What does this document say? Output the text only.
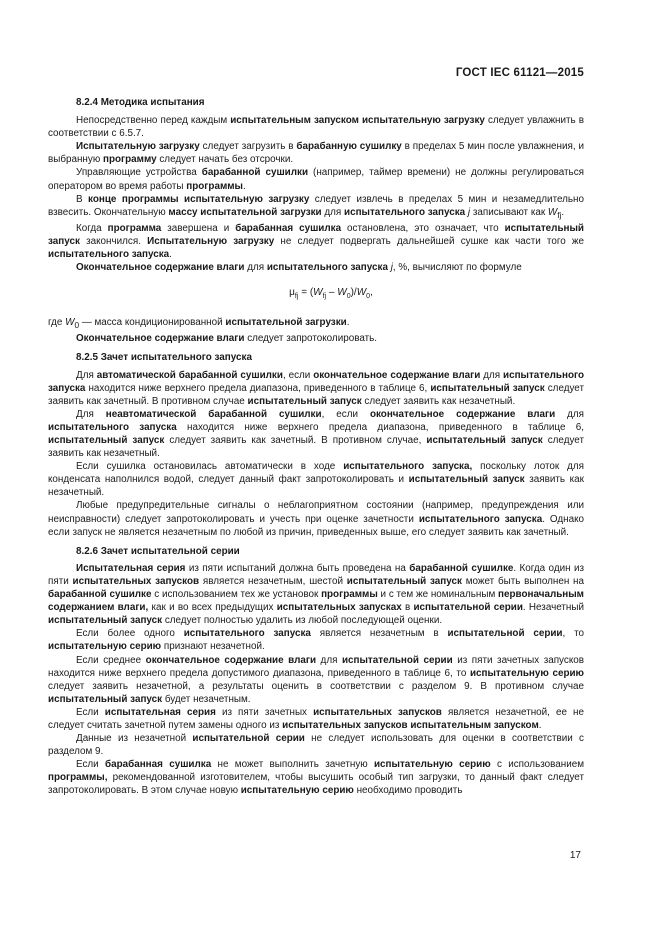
ГОСТ IEC 61121—2015

8.2.4 Методика испытания

Непосредственно перед каждым испытательным запуском испытательную загрузку следует увлажнить в соответствии с 6.5.7.

Испытательную загрузку следует загрузить в барабанную сушилку в пределах 5 мин после увлажнения, и выбранную программу следует начать без отсрочки.

Управляющие устройства барабанной сушилки (например, таймер времени) не должны регулироваться оператором во время работы программы.

В конце программы испытательную загрузку следует извлечь в пределах 5 мин и незамедлительно взвесить. Окончательную массу испытательной загрузки для испытательного запуска j записывают как $W_{fj}$.

Когда программа завершена и барабанная сушилка остановлена, это означает, что испытательный запуск закончился. Испытательную загрузку не следует подвергать дальнейшей сушке как части того же испытательного запуска.

Окончательное содержание влаги для испытательного запуска j, %, вычисляют по формуле

$\mu_{fj} = (W_{fj} - W_0)/W_0$,

где $W_0$ — масса кондиционированной испытательной загрузки.

Окончательное содержание влаги следует запротоколировать.

8.2.5 Зачет испытательного запуска

Для автоматической барабанной сушилки, если окончательное содержание влаги для испытательного запуска находится ниже верхнего предела диапазона, приведенного в таблице 6, испытательный запуск следует заявить как зачетный. В противном случае испытательный запуск следует заявить как незачетный.

Для неавтоматической барабанной сушилки, если окончательное содержание влаги для испытательного запуска находится ниже верхнего предела диапазона, приведенного в таблице 6, испытательный запуск следует заявить как зачетный. В противном случае, испытательный запуск следует заявить как незачетный.

Если сушилка остановилась автоматически в ходе испытательного запуска, поскольку лоток для конденсата наполнился водой, следует данный факт запротоколировать и испытательный запуск заявить как незачетный.

Любые предупредительные сигналы о неблагоприятном состоянии (например, предупреждения или неисправности) следует запротоколировать и учесть при оценке зачетности испытательного запуска. Однако если запуск не является незачетным по любой из причин, приведенных выше, его следует заявить как зачетный.

8.2.6 Зачет испытательной серии

Испытательная серия из пяти испытаний должна быть проведена на барабанной сушилке. Когда один из пяти испытательных запусков является незачетным, шестой испытательный запуск может быть выполнен на барабанной сушилке с использованием тех же установок программы и с тем же номинальным первоначальным содержанием влаги, как и во всех предыдущих испытательных запусках в испытательной серии. Незачетный испытательный запуск следует полностью удалить из любой последующей оценки.

Если более одного испытательного запуска является незачетным в испытательной серии, то испытательную серию признают незачетной.

Если среднее окончательное содержание влаги для испытательной серии из пяти зачетных запусков находится ниже верхнего предела допустимого диапазона, приведенного в таблице 6, то испытательную серию следует заявить незачетной, а результаты оценить в соответствии с разделом 9. В противном случае испытательный запуск будет незачетным.

Если испытательная серия из пяти зачетных испытательных запусков является незачетной, ее не следует считать зачетной путем замены одного из испытательных запусков испытательным запуском.

Данные из незачетной испытательной серии не следует использовать для оценки в соответствии с разделом 9.

Если барабанная сушилка не может выполнить зачетную испытательную серию с использованием программы, рекомендованной изготовителем, чтобы высушить особый тип загрузки, то данный факт следует запротоколировать. В этом случае новую испытательную серию необходимо проводить

17
